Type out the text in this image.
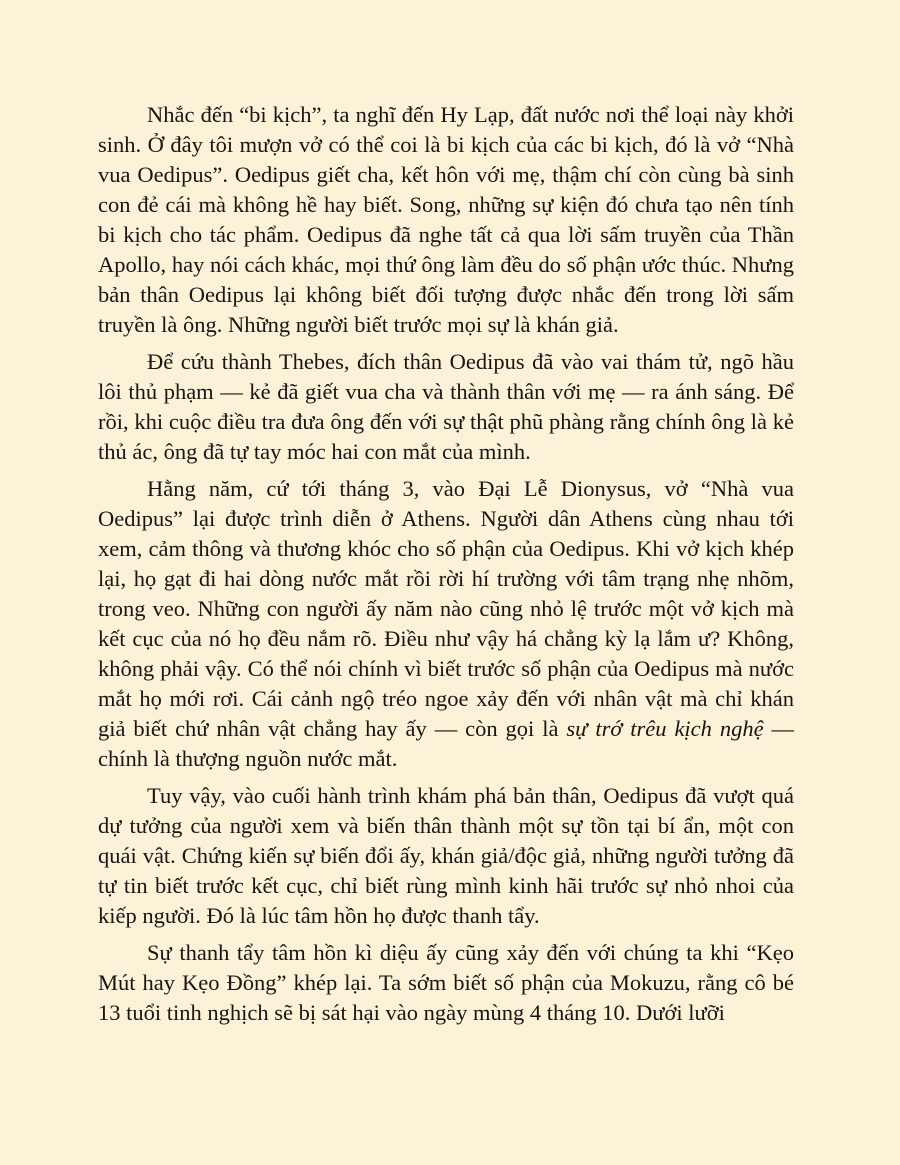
Nhắc đến “bi kịch”, ta nghĩ đến Hy Lạp, đất nước nơi thể loại này khởi sinh. Ở đây tôi mượn vở có thể coi là bi kịch của các bi kịch, đó là vở “Nhà vua Oedipus”. Oedipus giết cha, kết hôn với mẹ, thậm chí còn cùng bà sinh con đẻ cái mà không hề hay biết. Song, những sự kiện đó chưa tạo nên tính bi kịch cho tác phẩm. Oedipus đã nghe tất cả qua lời sấm truyền của Thần Apollo, hay nói cách khác, mọi thứ ông làm đều do số phận ước thúc. Nhưng bản thân Oedipus lại không biết đối tượng được nhắc đến trong lời sấm truyền là ông. Những người biết trước mọi sự là khán giả.

Để cứu thành Thebes, đích thân Oedipus đã vào vai thám tử, ngõ hầu lôi thủ phạm — kẻ đã giết vua cha và thành thân với mẹ — ra ánh sáng. Để rồi, khi cuộc điều tra đưa ông đến với sự thật phũ phàng rằng chính ông là kẻ thủ ác, ông đã tự tay móc hai con mắt của mình.

Hằng năm, cứ tới tháng 3, vào Đại Lễ Dionysus, vở “Nhà vua Oedipus” lại được trình diễn ở Athens. Người dân Athens cùng nhau tới xem, cảm thông và thương khóc cho số phận của Oedipus. Khi vở kịch khép lại, họ gạt đi hai dòng nước mắt rồi rời hí trường với tâm trạng nhẹ nhõm, trong veo. Những con người ấy năm nào cũng nhỏ lệ trước một vở kịch mà kết cục của nó họ đều nắm rõ. Điều như vậy há chẳng kỳ lạ lắm ư? Không, không phải vậy. Có thể nói chính vì biết trước số phận của Oedipus mà nước mắt họ mới rơi. Cái cảnh ngộ tréo ngoe xảy đến với nhân vật mà chỉ khán giả biết chứ nhân vật chẳng hay ấy — còn gọi là sự trớ trêu kịch nghệ — chính là thượng nguồn nước mắt.

Tuy vậy, vào cuối hành trình khám phá bản thân, Oedipus đã vượt quá dự tưởng của người xem và biến thân thành một sự tồn tại bí ẩn, một con quái vật. Chứng kiến sự biến đổi ấy, khán giả/độc giả, những người tưởng đã tự tin biết trước kết cục, chỉ biết rùng mình kinh hãi trước sự nhỏ nhoi của kiếp người. Đó là lúc tâm hồn họ được thanh tẩy.

Sự thanh tẩy tâm hồn kì diệu ấy cũng xảy đến với chúng ta khi “Kẹo Mút hay Kẹo Đồng” khép lại. Ta sớm biết số phận của Mokuzu, rằng cô bé 13 tuổi tinh nghịch sẽ bị sát hại vào ngày mùng 4 tháng 10. Dưới lưỡi
